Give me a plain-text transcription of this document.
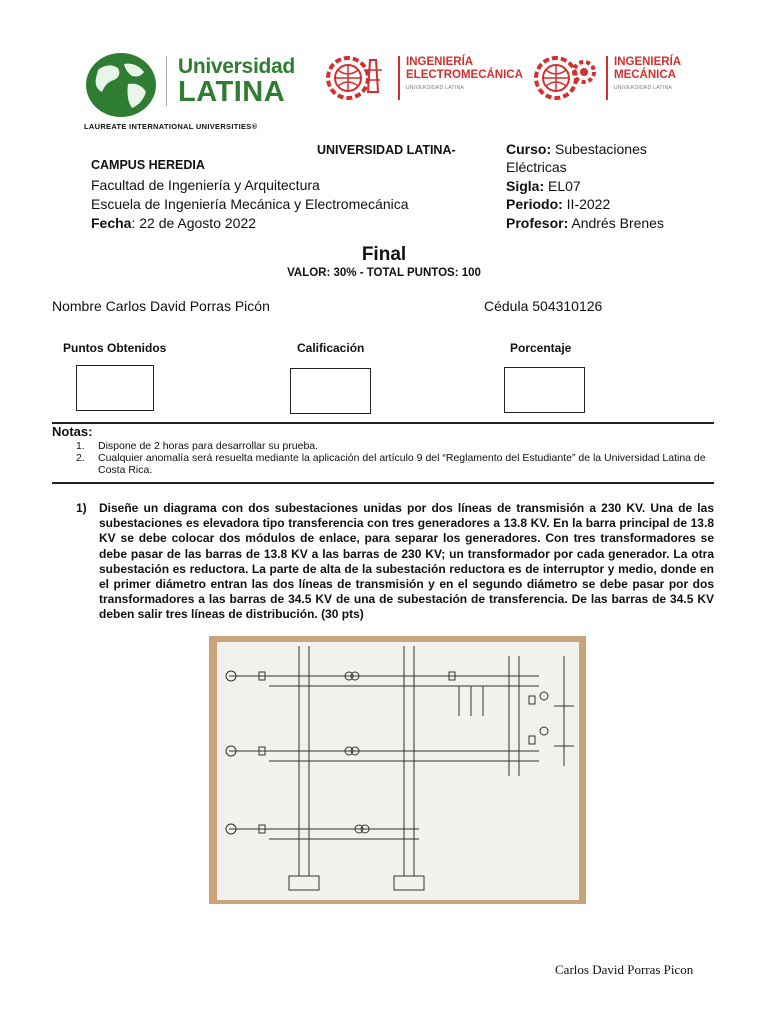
Universidad
LATINA
LAUREATE INTERNATIONAL UNIVERSITIES®
INGENIERÍA
ELECTROMECÁNICA
UNIVERSIDAD LATINA
INGENIERÍA
MECÁNICA
UNIVERSIDAD LATINA
UNIVERSIDAD LATINA-
CAMPUS HEREDIA
Facultad de Ingeniería y Arquitectura
Escuela de Ingeniería Mecánica y Electromecánica
Fecha: 22 de Agosto 2022
Curso: Subestaciones
Eléctricas
Sigla: EL07
Periodo: II-2022
Profesor: Andrés Brenes
Final
VALOR: 30% - TOTAL PUNTOS: 100
Nombre Carlos David Porras Picón	Cédula 504310126
Puntos Obtenidos	Calificación	Porcentaje
Notas:
1. Dispone de 2 horas para desarrollar su prueba.
2. Cualquier anomalía será resuelta mediante la aplicación del artículo 9 del “Reglamento del Estudiante” de la Universidad Latina de Costa Rica.
1) Diseñe un diagrama con dos subestaciones unidas por dos líneas de transmisión a 230 KV. Una de las subestaciones es elevadora tipo transferencia con tres generadores a 13.8 KV. En la barra principal de 13.8 KV se debe colocar dos módulos de enlace, para separar los generadores. Con tres transformadores se debe pasar de las barras de 13.8 KV a las barras de 230 KV; un transformador por cada generador. La otra subestación es reductora. La parte de alta de la subestación reductora es de interruptor y medio, donde en el primer diámetro entran las dos líneas de transmisión y en el segundo diámetro se debe pasar por dos transformadores a las barras de 34.5 KV de una de subestación de transferencia. De las barras de 34.5 KV deben salir tres líneas de distribución. (30 pts)
Carlos David Porras Picon
